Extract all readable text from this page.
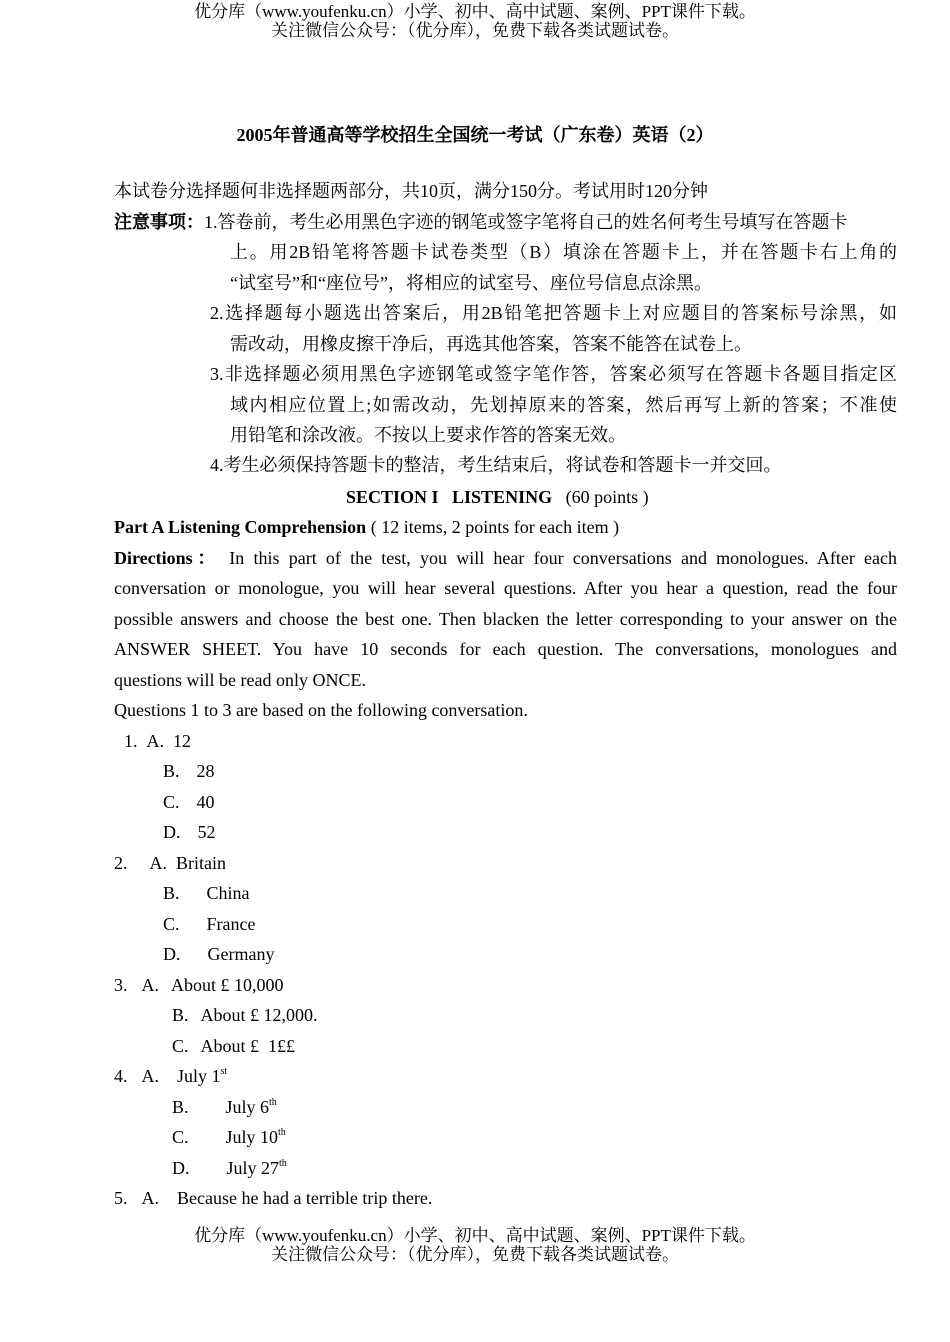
优分库（www.youfenku.cn）小学、初中、高中试题、案例、PPT课件下载。
关注微信公众号：（优分库），免费下载各类试题试卷。
2005年普通高等学校招生全国统一考试（广东卷）英语（2）
本试卷分选择题何非选择题两部分，共10页，满分150分。考试用时120分钟
注意事项：1.答卷前，考生必用黑色字迹的钢笔或签字笔将自己的姓名何考生号填写在答题卡
上。用2B铅笔将答题卡试卷类型（B）填涂在答题卡上，并在答题卡右上角的
“试室号”和“座位号”，将相应的试室号、座位号信息点涂黑。
2.选择题每小题选出答案后，用2B铅笔把答题卡上对应题目的答案标号涂黑，如
需改动，用橡皮擦干净后，再选其他答案，答案不能答在试卷上。
3.非选择题必须用黑色字迹钢笔或签字笔作答，答案必须写在答题卡各题目指定区
域内相应位置上;如需改动，先划掉原来的答案，然后再写上新的答案；不准使
用铅笔和涂改液。不按以上要求作答的答案无效。
4.考生必须保持答题卡的整洁，考生结束后，将试卷和答题卡一并交回。
SECTION I   LISTENING (60 points )
Part A Listening Comprehension ( 12 items, 2 points for each item )
Directions： In this part of the test, you will hear four conversations and monologues. After each
conversation or monologue, you will hear several questions. After you hear a question, read the four
possible answers and choose the best one. Then blacken the letter corresponding to your answer on the
ANSWER SHEET. You have 10 seconds for each question. The conversations, monologues and
questions will be read only ONCE.
Questions 1 to 3 are based on the following conversation.
1. A. 12
B. 28
C. 40
D. 52
2. A. Britain
B. China
C. France
D. Germany
3. A. About £ 10,000
B. About £ 12,000.
C. About £  1££
4. A. July 1st
B. July 6th
C. July 10th
D. July 27th
5. A. Because he had a terrible trip there.
优分库（www.youfenku.cn）小学、初中、高中试题、案例、PPT课件下载。
关注微信公众号：（优分库），免费下载各类试题试卷。
